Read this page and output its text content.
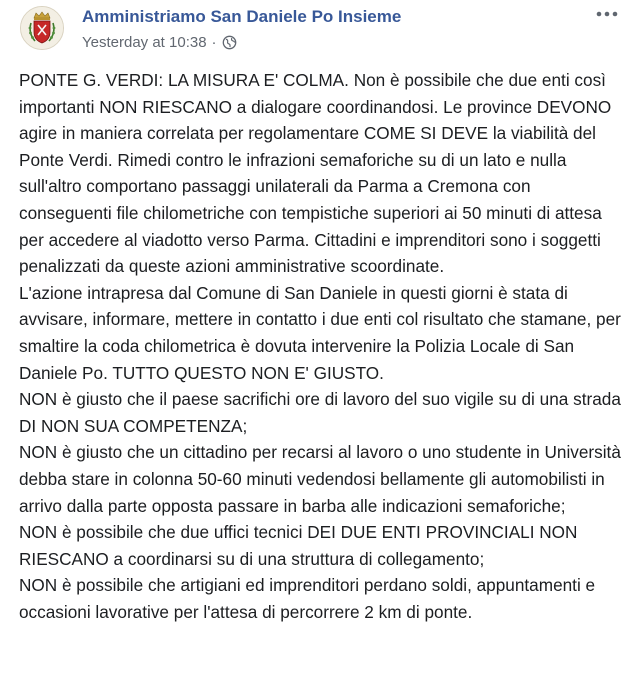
Amministriamo San Daniele Po Insieme
Yesterday at 10:38 ·

PONTE G. VERDI: LA MISURA E' COLMA. Non è possibile che due enti così importanti NON RIESCANO a dialogare coordinandosi. Le province DEVONO agire in maniera correlata per regolamentare COME SI DEVE la viabilità del Ponte Verdi. Rimedi contro le infrazioni semaforiche su di un lato e nulla sull'altro comportano passaggi unilaterali da Parma a Cremona con conseguenti file chilometriche con tempistiche superiori ai 50 minuti di attesa per accedere al viadotto verso Parma. Cittadini e imprenditori sono i soggetti penalizzati da queste azioni amministrative scoordinate.

L'azione intrapresa dal Comune di San Daniele in questi giorni è stata di avvisare, informare, mettere in contatto i due enti col risultato che stamane, per smaltire la coda chilometrica è dovuta intervenire la Polizia Locale di San Daniele Po. TUTTO QUESTO NON E' GIUSTO.

NON è giusto che il paese sacrifichi ore di lavoro del suo vigile su di una strada DI NON SUA COMPETENZA;

NON è giusto che un cittadino per recarsi al lavoro o uno studente in Università debba stare in colonna 50-60 minuti vedendosi bellamente gli automobilisti in arrivo dalla parte opposta passare in barba alle indicazioni semaforiche;

NON è possibile che due uffici tecnici DEI DUE ENTI PROVINCIALI NON RIESCANO a coordinarsi su di una struttura di collegamento;

NON è possibile che artigiani ed imprenditori perdano soldi, appuntamenti e occasioni lavorative per l'attesa di percorrere 2 km di ponte.
